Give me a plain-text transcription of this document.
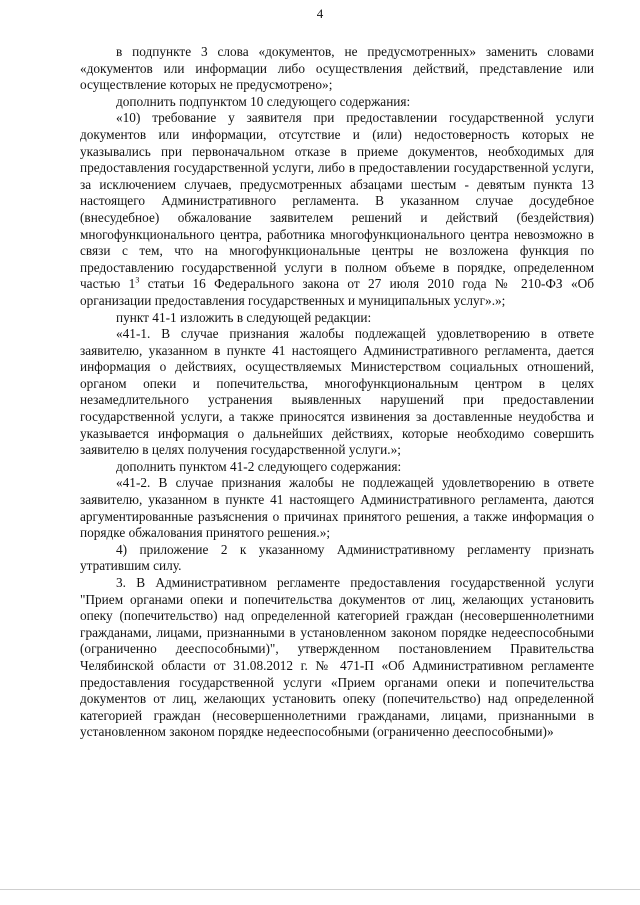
4

в подпункте 3 слова «документов, не предусмотренных» заменить словами «документов или информации либо осуществления действий, представление или осуществление которых не предусмотрено»;

дополнить подпунктом 10 следующего содержания:

«10) требование у заявителя при предоставлении государственной услуги документов или информации, отсутствие и (или) недостоверность которых не указывались при первоначальном отказе в приеме документов, необходимых для предоставления государственной услуги, либо в предоставлении государственной услуги, за исключением случаев, предусмотренных абзацами шестым - девятым пункта 13 настоящего Административного регламента. В указанном случае досудебное (внесудебное) обжалование заявителем решений и действий (бездействия) многофункционального центра, работника многофункционального центра невозможно в связи с тем, что на многофункциональные центры не возложена функция по предоставлению государственной услуги в полном объеме в порядке, определенном частью $1^3$ статьи 16 Федерального закона от 27 июля 2010 года № 210-ФЗ «Об организации предоставления государственных и муниципальных услуг».»;

пункт 41-1 изложить в следующей редакции:

«41-1. В случае признания жалобы подлежащей удовлетворению в ответе заявителю, указанном в пункте 41 настоящего Административного регламента, дается информация о действиях, осуществляемых Министерством социальных отношений, органом опеки и попечительства, многофункциональным центром в целях незамедлительного устранения выявленных нарушений при предоставлении государственной услуги, а также приносятся извинения за доставленные неудобства и указывается информация о дальнейших действиях, которые необходимо совершить заявителю в целях получения государственной услуги.»;

дополнить пунктом 41-2 следующего содержания:

«41-2. В случае признания жалобы не подлежащей удовлетворению в ответе заявителю, указанном в пункте 41 настоящего Административного регламента, даются аргументированные разъяснения о причинах принятого решения, а также информация о порядке обжалования принятого решения.»;

4) приложение 2 к указанному Административному регламенту признать утратившим силу.

3. В Административном регламенте предоставления государственной услуги "Прием органами опеки и попечительства документов от лиц, желающих установить опеку (попечительство) над определенной категорией граждан (несовершеннолетними гражданами, лицами, признанными в установленном законом порядке недееспособными (ограниченно дееспособными)", утвержденном постановлением Правительства Челябинской области от 31.08.2012 г. № 471-П «Об Административном регламенте предоставления государственной услуги «Прием органами опеки и попечительства документов от лиц, желающих установить опеку (попечительство) над определенной категорией граждан (несовершеннолетними гражданами, лицами, признанными в установленном законом порядке недееспособными (ограниченно дееспособными)»
